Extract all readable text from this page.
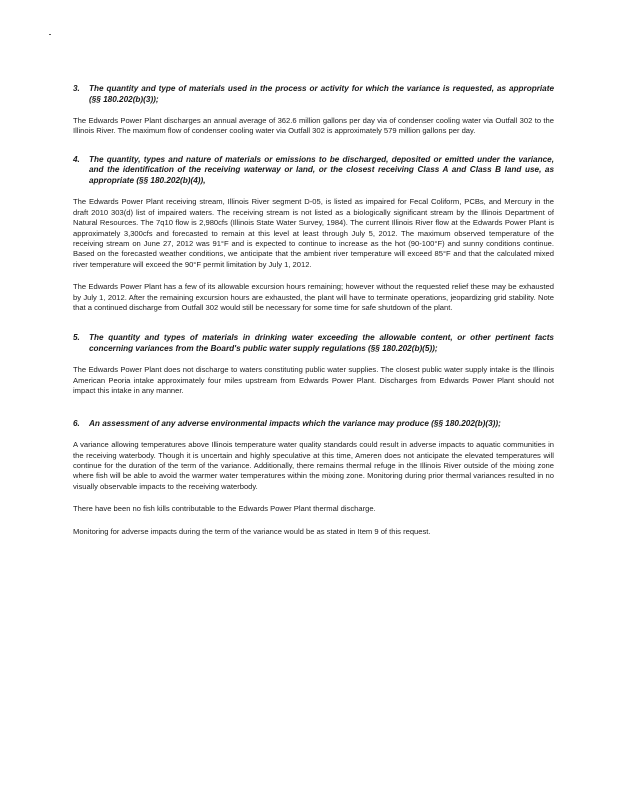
3.	The quantity and type of materials used in the process or activity for which the variance is requested, as appropriate (§§ 180.202(b)(3));

The Edwards Power Plant discharges an annual average of 362.6 million gallons per day via of condenser cooling water via Outfall 302 to the Illinois River. The maximum flow of condenser cooling water via Outfall 302 is approximately 579 million gallons per day.

4.	The quantity, types and nature of materials or emissions to be discharged, deposited or emitted under the variance, and the identification of the receiving waterway or land, or the closest receiving Class A and Class B land use, as appropriate (§§ 180.202(b)(4)),

The Edwards Power Plant receiving stream, Illinois River segment D-05, is listed as impaired for Fecal Coliform, PCBs, and Mercury in the draft 2010 303(d) list of impaired waters. The receiving stream is not listed as a biologically significant stream by the Illinois Department of Natural Resources. The 7q10 flow is 2,980cfs (Illinois State Water Survey, 1984). The current Illinois River flow at the Edwards Power Plant is approximately 3,300cfs and forecasted to remain at this level at least through July 5, 2012. The maximum observed temperature of the receiving stream on June 27, 2012 was 91°F and is expected to continue to increase as the hot (90-100°F) and sunny conditions continue. Based on the forecasted weather conditions, we anticipate that the ambient river temperature will exceed 85°F and that the calculated mixed river temperature will exceed the 90°F permit limitation by July 1, 2012.

The Edwards Power Plant has a few of its allowable excursion hours remaining; however without the requested relief these may be exhausted by July 1, 2012. After the remaining excursion hours are exhausted, the plant will have to terminate operations, jeopardizing grid stability. Note that a continued discharge from Outfall 302 would still be necessary for some time for safe shutdown of the plant.

5.	The quantity and types of materials in drinking water exceeding the allowable content, or other pertinent facts concerning variances from the Board's public water supply regulations (§§ 180.202(b)(5));

The Edwards Power Plant does not discharge to waters constituting public water supplies. The closest public water supply intake is the Illinois American Peoria intake approximately four miles upstream from Edwards Power Plant. Discharges from Edwards Power Plant should not impact this intake in any manner.

6.	An assessment of any adverse environmental impacts which the variance may produce (§§ 180.202(b)(3));

A variance allowing temperatures above Illinois temperature water quality standards could result in adverse impacts to aquatic communities in the receiving waterbody. Though it is uncertain and highly speculative at this time, Ameren does not anticipate the elevated temperatures will continue for the duration of the term of the variance. Additionally, there remains thermal refuge in the Illinois River outside of the mixing zone where fish will be able to avoid the warmer water temperatures within the mixing zone. Monitoring during prior thermal variances resulted in no visually observable impacts to the receiving waterbody.

There have been no fish kills contributable to the Edwards Power Plant thermal discharge.

Monitoring for adverse impacts during the term of the variance would be as stated in Item 9 of this request.
